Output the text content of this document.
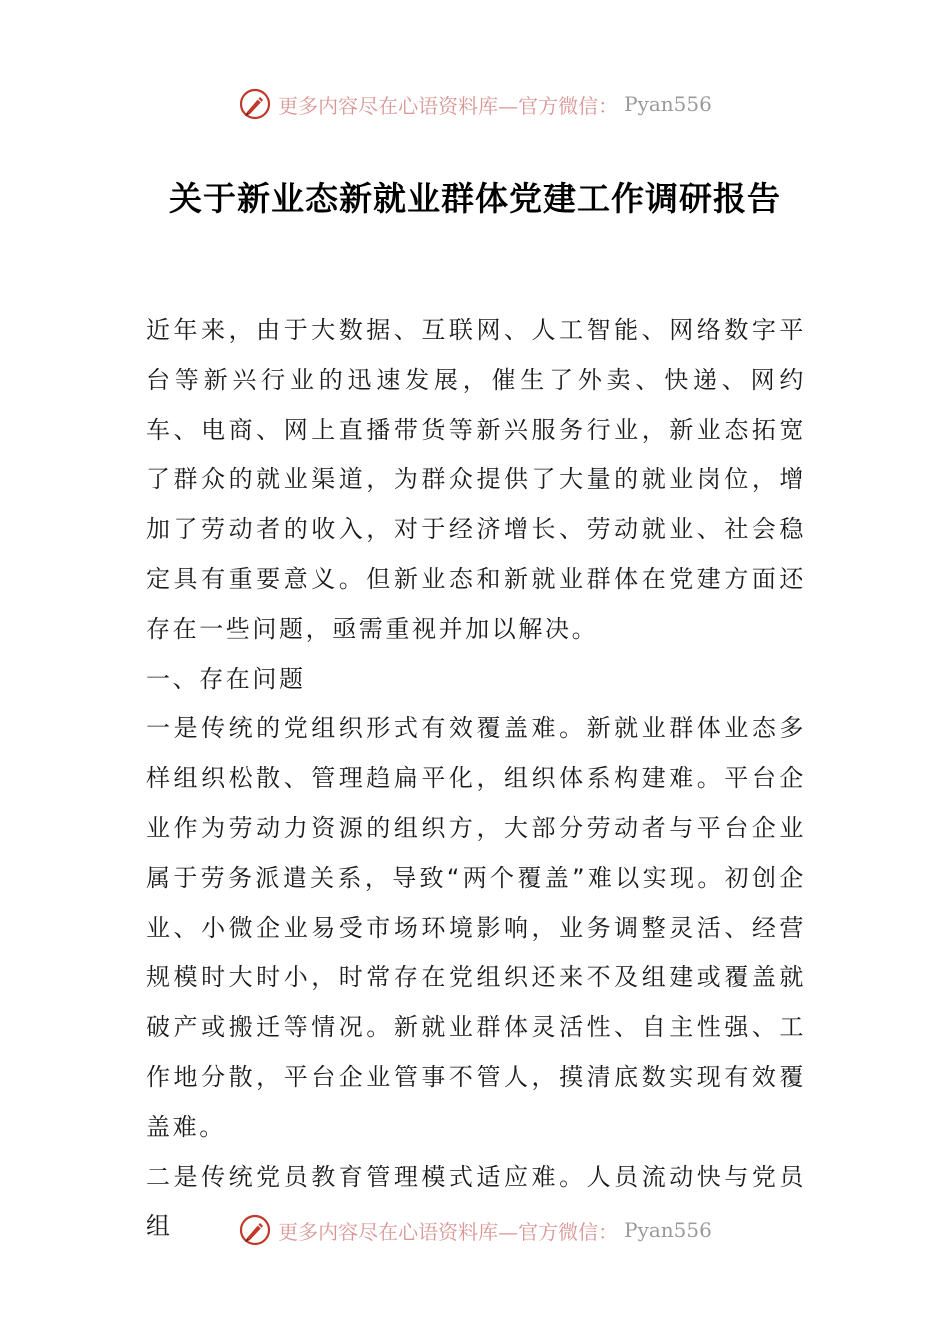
更多内容尽在心语资料库—官方微信： Pyan556
关于新业态新就业群体党建工作调研报告

近年来，由于大数据、互联网、人工智能、网络数字平台等新兴行业的迅速发展，催生了外卖、快递、网约车、电商、网上直播带货等新兴服务行业，新业态拓宽了群众的就业渠道，为群众提供了大量的就业岗位，增加了劳动者的收入，对于经济增长、劳动就业、社会稳定具有重要意义。但新业态和新就业群体在党建方面还存在一些问题，亟需重视并加以解决。

一、存在问题

一是传统的党组织形式有效覆盖难。新就业群体业态多样组织松散、管理趋扁平化，组织体系构建难。平台企业作为劳动力资源的组织方，大部分劳动者与平台企业属于劳务派遣关系，导致“两个覆盖”难以实现。初创企业、小微企业易受市场环境影响，业务调整灵活、经营规模时大时小，时常存在党组织还来不及组建或覆盖就破产或搬迁等情况。新就业群体灵活性、自主性强、工作地分散，平台企业管事不管人，摸清底数实现有效覆盖难。

二是传统党员教育管理模式适应难。人员流动快与党员组	更多内容尽在心语资料库—官方微信： Pyan556
